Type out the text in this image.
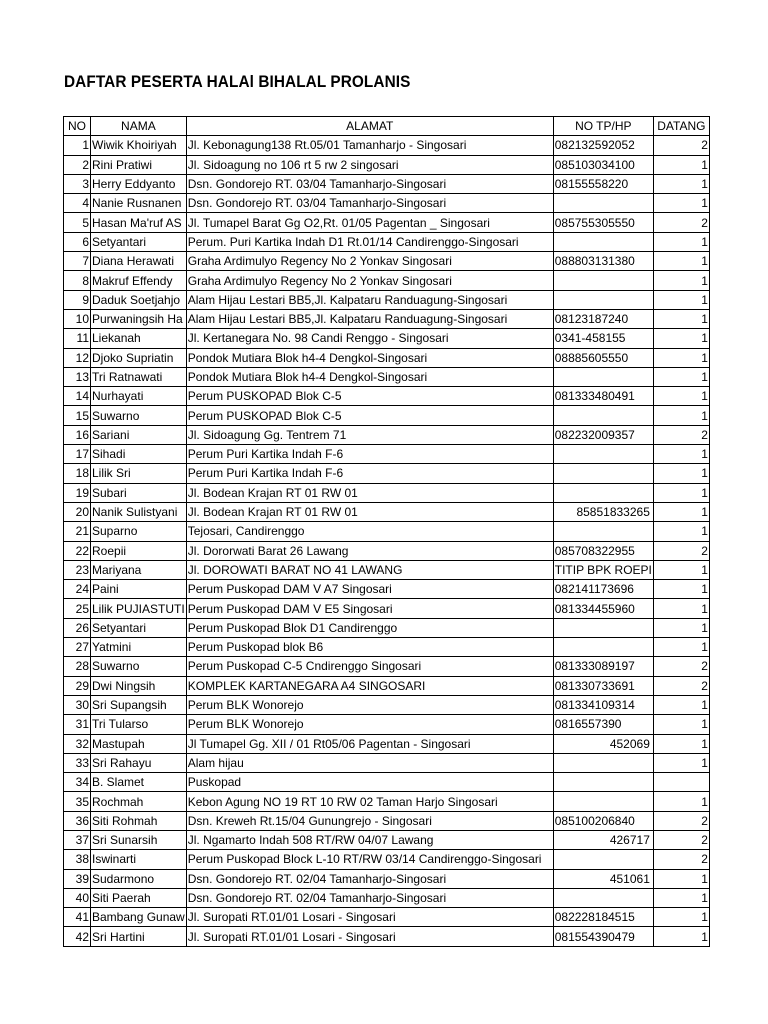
DAFTAR PESERTA HALAl BIHALAL PROLANIS
NO	NAMA	ALAMAT	NO TP/HP	DATANG
1	Wiwik Khoiriyah	Jl. Kebonagung138 Rt.05/01 Tamanharjo - Singosari	082132592052	2
2	Rini Pratiwi	Jl. Sidoagung no 106 rt 5 rw 2 singosari	085103034100	1
3	Herry Eddyanto	Dsn. Gondorejo RT. 03/04 Tamanharjo-Singosari	08155558220	1
4	Nanie Rusnanen	Dsn. Gondorejo RT. 03/04 Tamanharjo-Singosari		1
5	Hasan Ma'ruf AS	Jl. Tumapel Barat Gg O2,Rt. 01/05 Pagentan _ Singosari	085755305550	2
6	Setyantari	Perum. Puri Kartika Indah D1 Rt.01/14 Candirenggo-Singosari		1
7	Diana Herawati	Graha Ardimulyo Regency No 2 Yonkav Singosari	088803131380	1
8	Makruf Effendy	Graha Ardimulyo Regency No 2 Yonkav Singosari		1
9	Daduk Soetjahjo	Alam Hijau Lestari BB5,Jl. Kalpataru Randuagung-Singosari		1
10	Purwaningsih Ha	Alam Hijau Lestari BB5,Jl. Kalpataru Randuagung-Singosari	08123187240	1
11	Liekanah	Jl. Kertanegara No. 98 Candi Renggo - Singosari	0341-458155	1
12	Djoko Supriatin	Pondok Mutiara Blok h4-4 Dengkol-Singosari	08885605550	1
13	Tri Ratnawati	Pondok Mutiara Blok h4-4 Dengkol-Singosari		1
14	Nurhayati	Perum PUSKOPAD Blok C-5	081333480491	1
15	Suwarno	Perum PUSKOPAD Blok C-5		1
16	Sariani	Jl. Sidoagung Gg. Tentrem 71	082232009357	2
17	Sihadi	Perum Puri Kartika Indah F-6		1
18	Lilik Sri	Perum Puri Kartika Indah F-6		1
19	Subari	Jl. Bodean Krajan RT 01 RW 01		1
20	Nanik Sulistyani	Jl. Bodean Krajan RT 01 RW 01	85851833265	1
21	Suparno	Tejosari, Candirenggo		1
22	Roepii	Jl. Dororwati Barat 26 Lawang	085708322955	2
23	Mariyana	Jl. DOROWATI BARAT NO 41 LAWANG	TITIP BPK ROEPI	1
24	Paini	Perum Puskopad DAM V A7 Singosari	082141173696	1
25	Lilik PUJIASTUTI	Perum Puskopad DAM V E5 Singosari	081334455960	1
26	Setyantari	Perum Puskopad Blok D1 Candirenggo		1
27	Yatmini	Perum Puskopad blok B6		1
28	Suwarno	Perum Puskopad C-5 Cndirenggo Singosari	081333089197	2
29	Dwi Ningsih	KOMPLEK KARTANEGARA A4 SINGOSARI	081330733691	2
30	Sri Supangsih	Perum BLK Wonorejo	081334109314	1
31	Tri Tularso	Perum BLK Wonorejo	0816557390	1
32	Mastupah	Jl Tumapel Gg. XII / 01 Rt05/06 Pagentan - Singosari	452069	1
33	Sri Rahayu	Alam hijau		1
34	B. Slamet	Puskopad		
35	Rochmah	Kebon Agung NO 19 RT 10 RW 02 Taman Harjo Singosari		1
36	Siti Rohmah	Dsn. Kreweh Rt.15/04 Gunungrejo - Singosari	085100206840	2
37	Sri Sunarsih	Jl. Ngamarto Indah 508 RT/RW 04/07 Lawang	426717	2
38	Iswinarti	Perum Puskopad Block L-10 RT/RW 03/14 Candirenggo-Singosari		2
39	Sudarmono	Dsn. Gondorejo RT. 02/04 Tamanharjo-Singosari	451061	1
40	Siti Paerah	Dsn. Gondorejo RT. 02/04 Tamanharjo-Singosari		1
41	Bambang Gunaw	Jl. Suropati RT.01/01 Losari - Singosari	082228184515	1
42	Sri Hartini	Jl. Suropati RT.01/01 Losari - Singosari	081554390479	1
